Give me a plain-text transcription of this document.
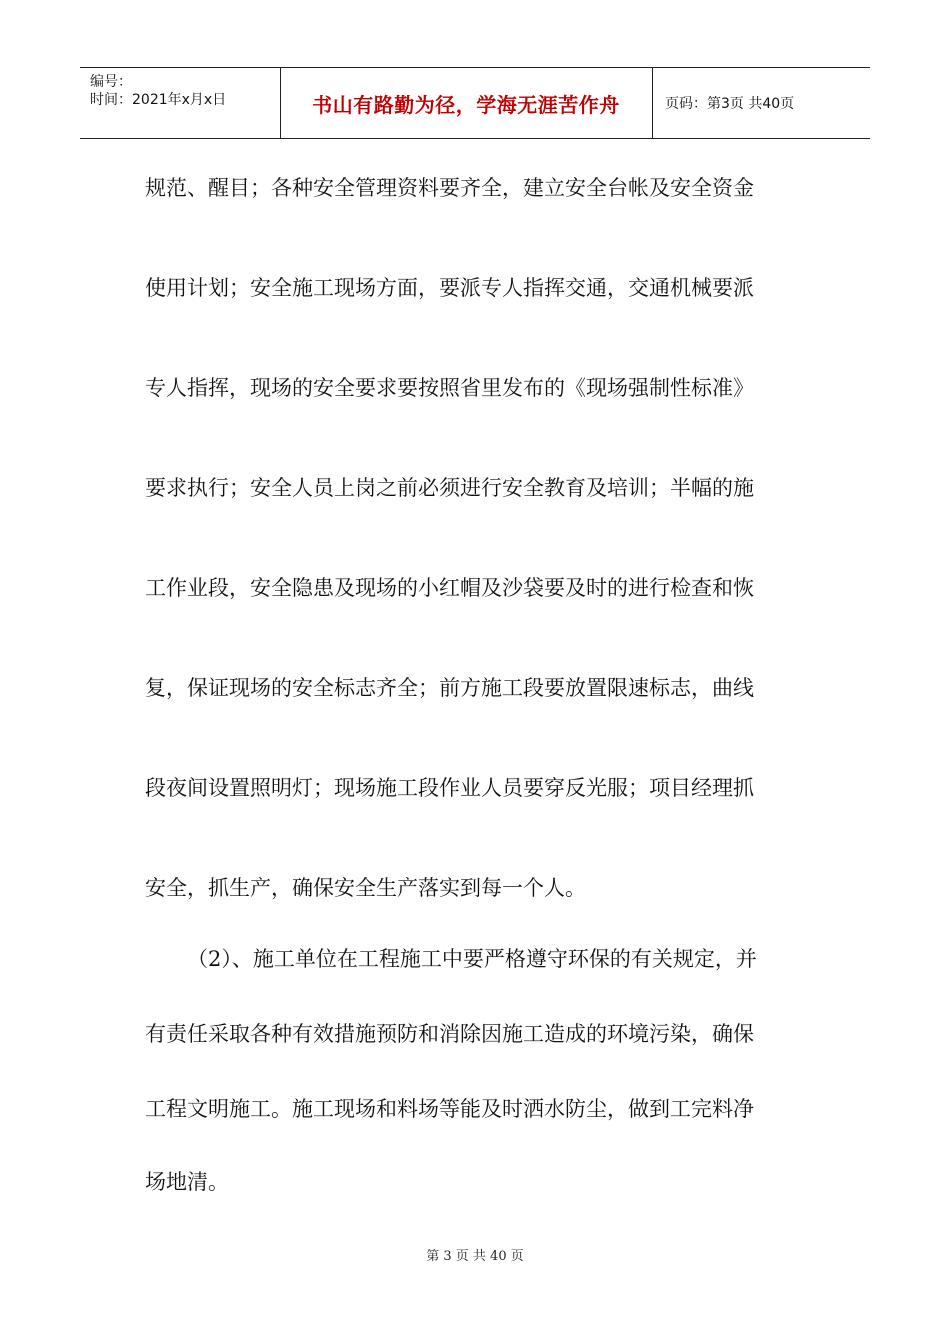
编号：
时间：2021年x月x日	书山有路勤为径，学海无涯苦作舟	页码：第3页 共40页
规范、醒目；各种安全管理资料要齐全，建立安全台帐及安全资金
使用计划；安全施工现场方面，要派专人指挥交通，交通机械要派
专人指挥，现场的安全要求要按照省里发布的《现场强制性标准》
要求执行；安全人员上岗之前必须进行安全教育及培训；半幅的施
工作业段，安全隐患及现场的小红帽及沙袋要及时的进行检查和恢
复，保证现场的安全标志齐全；前方施工段要放置限速标志，曲线
段夜间设置照明灯；现场施工段作业人员要穿反光服；项目经理抓
安全，抓生产，确保安全生产落实到每一个人。
（2）、施工单位在工程施工中要严格遵守环保的有关规定，并
有责任采取各种有效措施预防和消除因施工造成的环境污染，确保
工程文明施工。施工现场和料场等能及时洒水防尘，做到工完料净
场地清。
第 3 页 共 40 页
